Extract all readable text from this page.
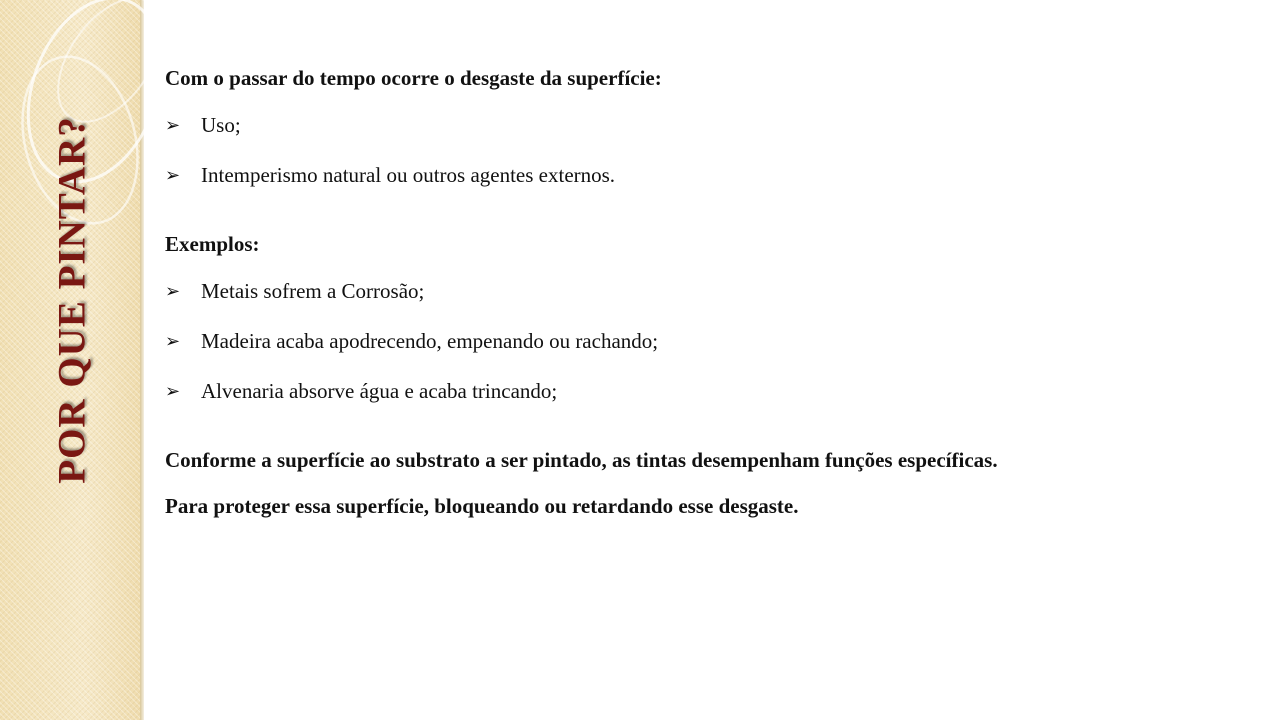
POR QUE PINTAR?

Com o passar do tempo ocorre o desgaste da superfície:

➢ Uso;
➢ Intemperismo natural ou outros agentes externos.

Exemplos:

➢ Metais sofrem a Corrosão;
➢ Madeira acaba apodrecendo, empenando ou rachando;
➢ Alvenaria absorve água e acaba trincando;

Conforme a superfície ao substrato a ser pintado, as tintas desempenham funções específicas.

Para proteger essa superfície, bloqueando ou retardando esse desgaste.
